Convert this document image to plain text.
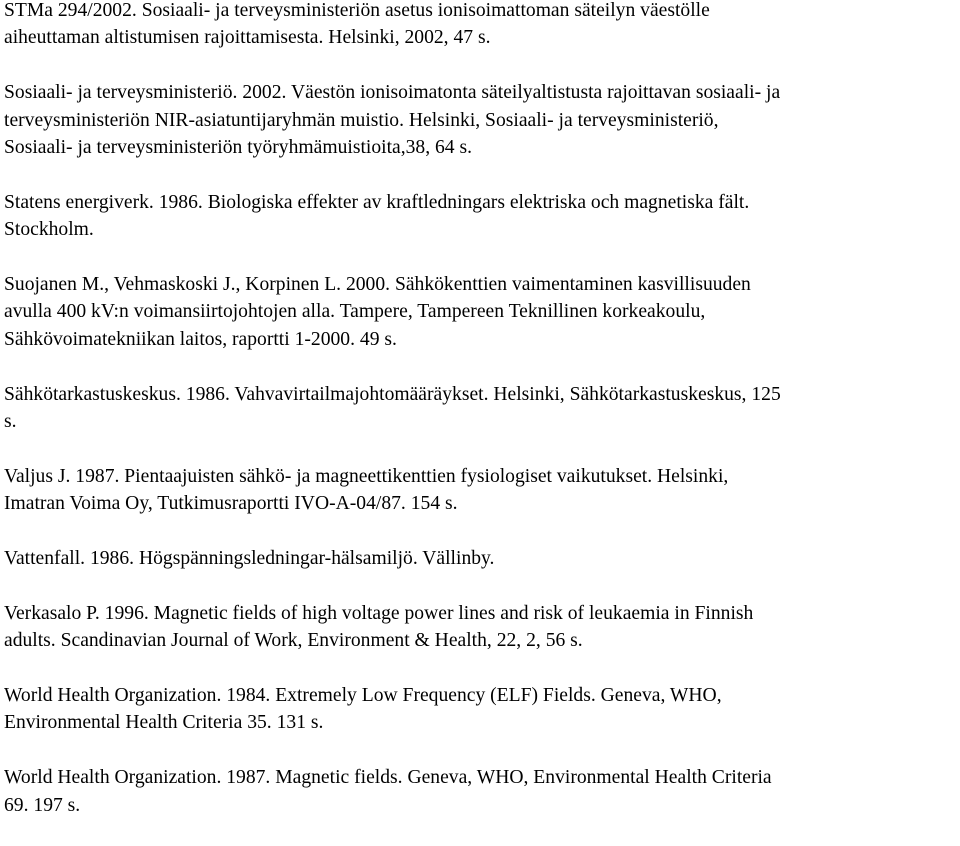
STMa 294/2002. Sosiaali- ja terveysministeriön asetus ionisoimattoman säteilyn väestölle
aiheuttaman altistumisen rajoittamisesta. Helsinki, 2002, 47 s.

Sosiaali- ja terveysministeriö. 2002. Väestön ionisoimatonta säteilyaltistusta rajoittavan sosiaali- ja
terveysministeriön NIR-asiatuntijaryhmän muistio. Helsinki, Sosiaali- ja terveysministeriö,
Sosiaali- ja terveysministeriön työryhmämuistioita,38, 64 s.

Statens energiverk. 1986. Biologiska effekter av kraftledningars elektriska och magnetiska fält.
Stockholm.

Suojanen M., Vehmaskoski J., Korpinen L. 2000. Sähkökenttien vaimentaminen kasvillisuuden
avulla 400 kV:n voimansiirtojohtojen alla. Tampere, Tampereen Teknillinen korkeakoulu,
Sähkövoimatekniikan laitos, raportti 1-2000. 49 s.

Sähkötarkastuskeskus. 1986. Vahvavirtailmajohtomääräykset. Helsinki, Sähkötarkastuskeskus, 125
s.

Valjus J. 1987. Pientaajuisten sähkö- ja magneettikenttien fysiologiset vaikutukset. Helsinki,
Imatran Voima Oy, Tutkimusraportti IVO-A-04/87. 154 s.

Vattenfall. 1986. Högspänningsledningar-hälsamiljö. Vällinby.

Verkasalo P. 1996. Magnetic fields of high voltage power lines and risk of leukaemia in Finnish
adults. Scandinavian Journal of Work, Environment & Health, 22, 2, 56 s.

World Health Organization. 1984. Extremely Low Frequency (ELF) Fields. Geneva, WHO,
Environmental Health Criteria 35. 131 s.

World Health Organization. 1987. Magnetic fields. Geneva, WHO, Environmental Health Criteria
69. 197 s.
